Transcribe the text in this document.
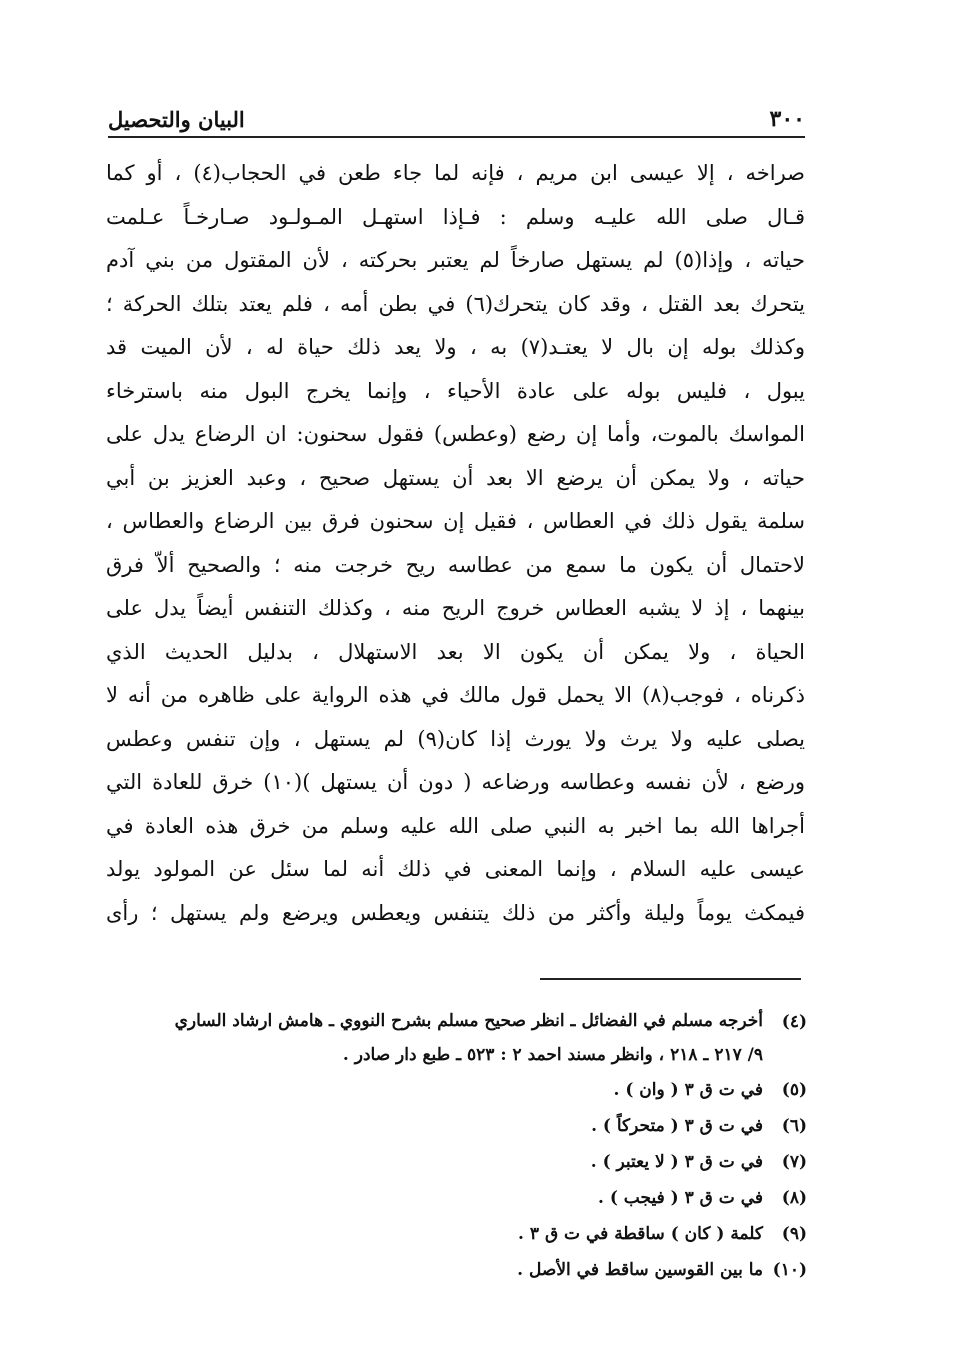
٣٠٠
البيان والتحصيل
صراخه ، إلا عيسى ابن مريم ، فإنه لما جاء طعن في الحجاب(٤) ، أو كما
قـال صلى الله عليـه وسلم : فـإذا استهـل المـولـود صـارخـاً عـلمت
حياته ، وإذا(٥) لم يستهل صارخاً لم يعتبر بحركته ، لأن المقتول من بني آدم
يتحرك بعد القتل ، وقد كان يتحرك(٦) في بطن أمه ، فلم يعتد بتلك الحركة ؛
وكذلك بوله إن بال لا يعتـد(٧) به ، ولا يعد ذلك حياة له ، لأن الميت قد
يبول ، فليس بوله على عادة الأحياء ، وإنما يخرج البول منه باسترخاء
المواسك بالموت، وأما إن رضع (وعطس) فقول سحنون: ان الرضاع يدل على
حياته ، ولا يمكن أن يرضع الا بعد أن يستهل صحيح ، وعبد العزيز بن أبي
سلمة يقول ذلك في العطاس ، فقيل إن سحنون فرق بين الرضاع والعطاس ،
لاحتمال أن يكون ما سمع من عطاسه ريح خرجت منه ؛ والصحيح ألاّ فرق
بينهما ، إذ لا يشبه العطاس خروج الريح منه ، وكذلك التنفس أيضاً يدل على
الحياة ، ولا يمكن أن يكون الا بعد الاستهلال ، بدليل الحديث الذي
ذكرناه ، فوجب(٨) الا يحمل قول مالك في هذه الرواية على ظاهره من أنه لا
يصلى عليه ولا يرث ولا يورث إذا كان(٩) لم يستهل ، وإن تنفس وعطس
ورضع ، لأن نفسه وعطاسه ورضاعه ( دون أن يستهل )(١٠) خرق للعادة التي
أجراها الله بما اخبر به النبي صلى الله عليه وسلم من خرق هذه العادة في
عيسى عليه السلام ، وإنما المعنى في ذلك أنه لما سئل عن المولود يولد
فيمكث يوماً وليلة وأكثر من ذلك يتنفس ويعطس ويرضع ولم يستهل ؛ رأى
(٤)
أخرجه مسلم في الفضائل ـ انظر صحيح مسلم بشرح النووي ـ هامش ارشاد الساري
٩/ ٢١٧ ـ ٢١٨ ، وانظر مسند احمد ٢ : ٥٢٣ ـ طبع دار صادر .
(٥)
في ت ق ٣ ( وان ) .
(٦)
في ت ق ٣ ( متحركاً ) .
(٧)
في ت ق ٣ ( لا يعتبر ) .
(٨)
في ت ق ٣ ( فيجب ) .
(٩)
كلمة ( كان ) ساقطة في ت ق ٣ .
(١٠)
ما بين القوسين ساقط في الأصل .
